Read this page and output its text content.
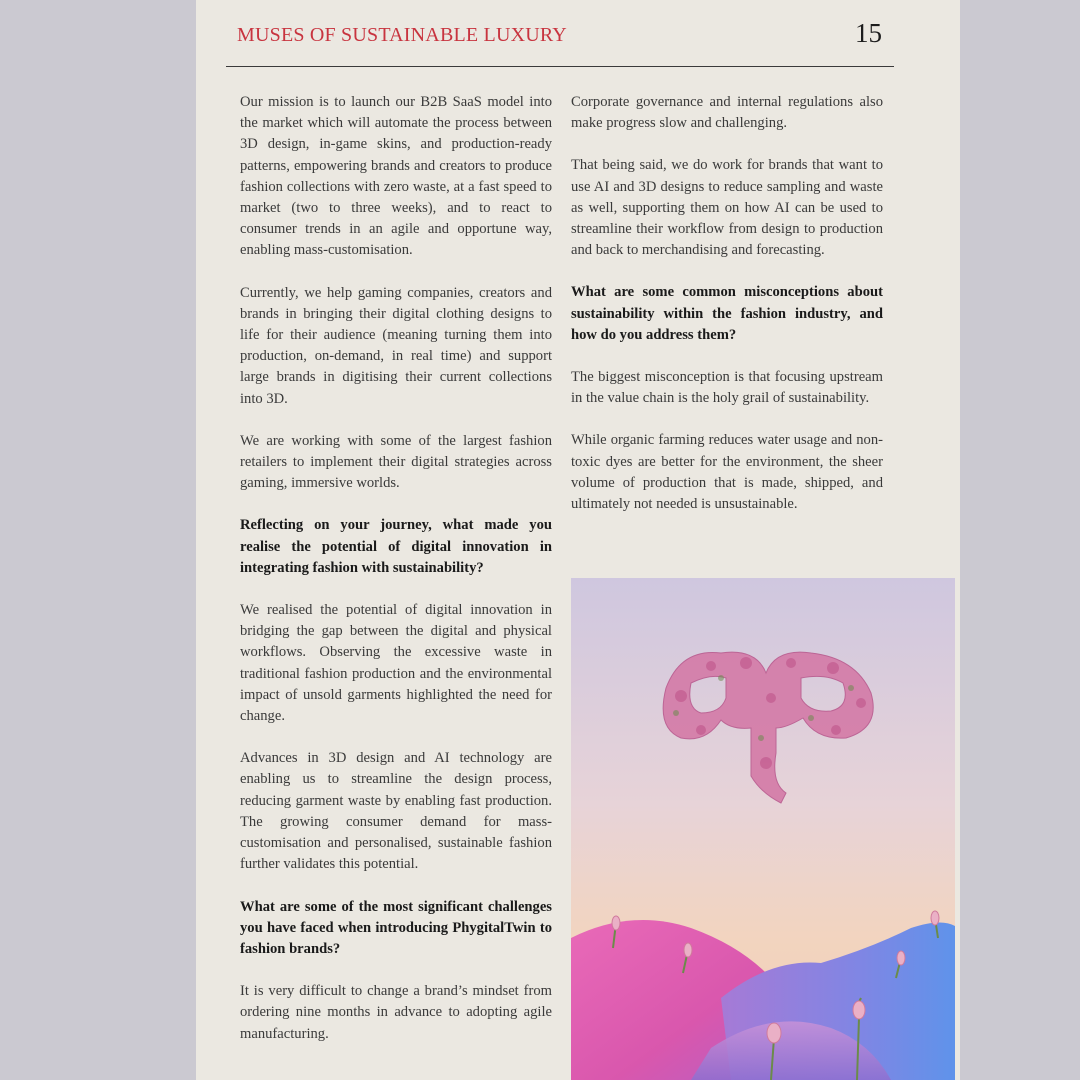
MUSES OF SUSTAINABLE LUXURY	15

Our mission is to launch our B2B SaaS model into the market which will automate the process between 3D design, in-game skins, and production-ready patterns, empowering brands and creators to produce fashion collections with zero waste, at a fast speed to market (two to three weeks), and to react to consumer trends in an agile and opportune way, enabling mass-customisation.

Currently, we help gaming companies, creators and brands in bringing their digital clothing designs to life for their audience (meaning turning them into production, on-demand, in real time) and support large brands in digitising their current collections into 3D.

We are working with some of the largest fashion retailers to implement their digital strategies across gaming, immersive worlds.

Reflecting on your journey, what made you realise the potential of digital innovation in integrating fashion with sustainability?

We realised the potential of digital innovation in bridging the gap between the digital and physical workflows. Observing the excessive waste in traditional fashion production and the environmental impact of unsold garments highlighted the need for change.

Advances in 3D design and AI technology are enabling us to streamline the design process, reducing garment waste by enabling fast production. The growing consumer demand for mass-customisation and personalised, sustainable fashion further validates this potential.

What are some of the most significant challenges you have faced when introducing PhygitalTwin to fashion brands?

It is very difficult to change a brand’s mindset from ordering nine months in advance to adopting agile manufacturing.

Corporate governance and internal regulations also make progress slow and challenging.

That being said, we do work for brands that want to use AI and 3D designs to reduce sampling and waste as well, supporting them on how AI can be used to streamline their workflow from design to production and back to merchandising and forecasting.

What are some common misconceptions about sustainability within the fashion industry, and how do you address them?

The biggest misconception is that focusing upstream in the value chain is the holy grail of sustainability.

While organic farming reduces water usage and non-toxic dyes are better for the environment, the sheer volume of production that is made, shipped, and ultimately not needed is unsustainable.
